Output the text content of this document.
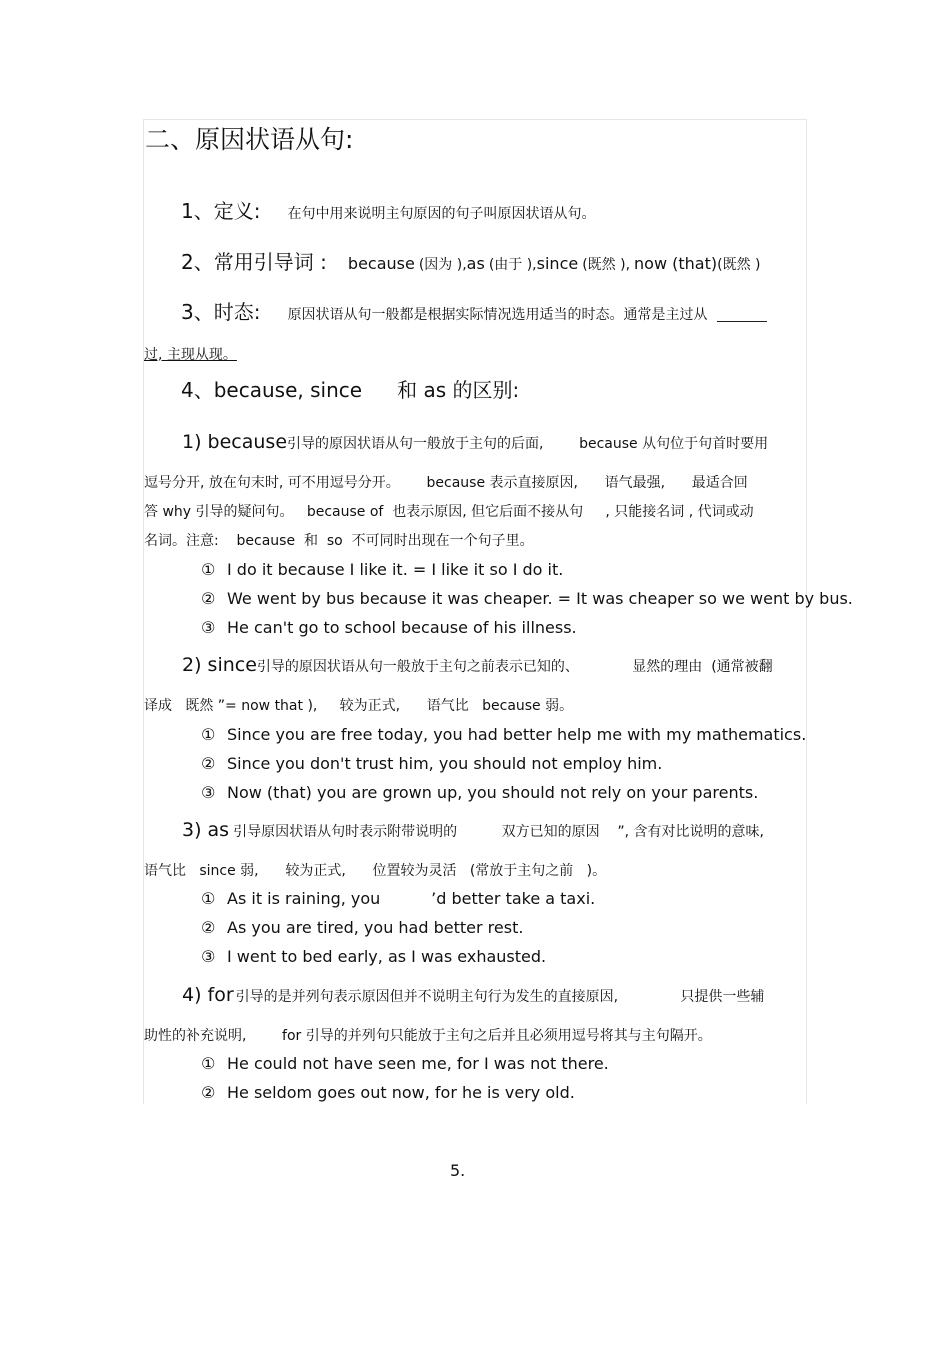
二、原因状语从句:
1、定义: 在句中用来说明主句原因的句子叫原因状语从句。
2、常用引导词 : because (因为 ),as (由于 ),since (既然 ), now (that)(既然 )
3、时态: 原因状语从句一般都是根据实际情况选用适当的时态。通常是主过从
过, 主现从现。
4、because, since 和 as 的区别:
1) because引导的原因状语从句一般放于主句的后面,        because 从句位于句首时要用
逗号分开, 放在句末时, 可不用逗号分开。      because 表示直接原因,      语气最强,      最适合回
答 why 引导的疑问句。   because of  也表示原因, 但它后面不接从句     , 只能接名词 , 代词或动
名词。注意:    because  和  so  不可同时出现在一个句子里。
① I do it because I like it. = I like it so I do it.
② We went by bus because it was cheaper. = It was cheaper so we went by bus.
③ He can't go to school because of his illness.
2) since引导的原因状语从句一般放于主句之前表示已知的、            显然的理由  (通常被翻
译成   既然 ”= now that ),     较为正式,      语气比   because 弱。
① Since you are free today, you had better help me with my mathematics.
② Since you don't trust him, you should not employ him.
③ Now (that) you are grown up, you should not rely on your parents.
3) as 引导原因状语从句时表示附带说明的          双方已知的原因    ”, 含有对比说明的意味,
语气比   since 弱,      较为正式,      位置较为灵活   (常放于主句之前   )。
① As it is raining, you          ’d better take a taxi.
② As you are tired, you had better rest.
③ I went to bed early, as I was exhausted.
4) for 引导的是并列句表示原因但并不说明主句行为发生的直接原因,              只提供一些辅
助性的补充说明,        for 引导的并列句只能放于主句之后并且必须用逗号将其与主句隔开。
① He could not have seen me, for I was not there.
② He seldom goes out now, for he is very old.
5.
